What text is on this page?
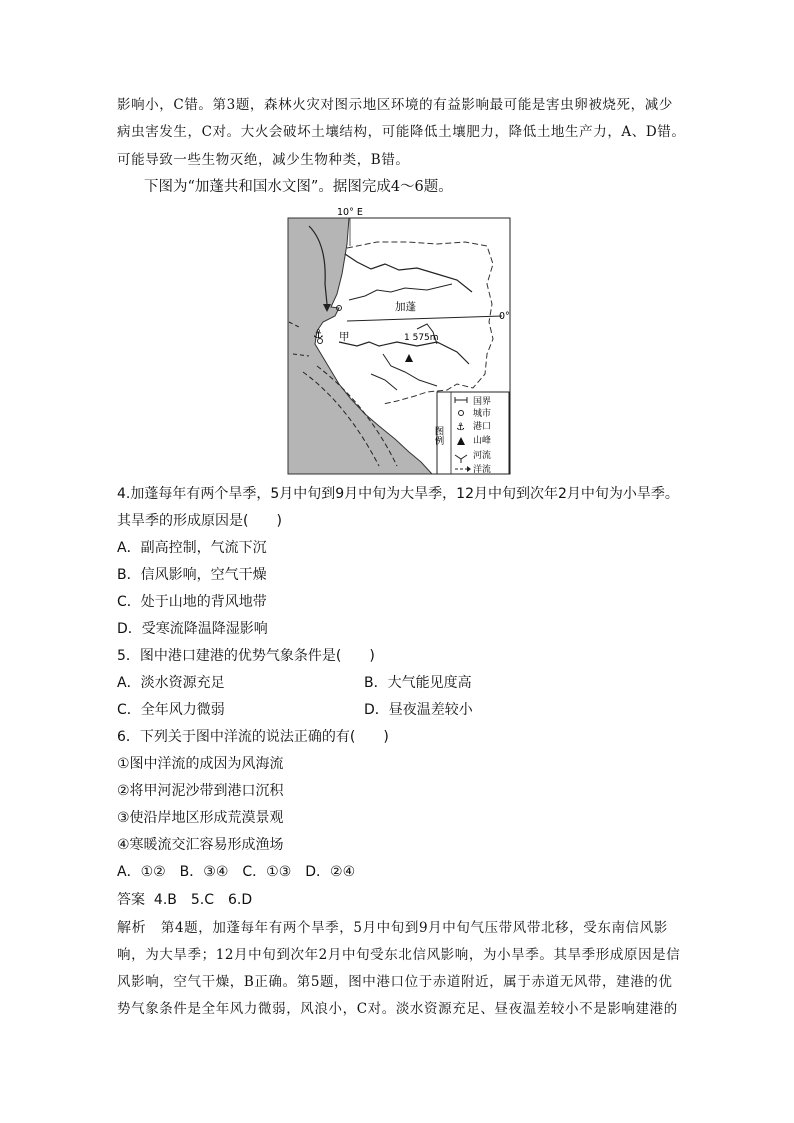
影响小，C错。第3题，森林火灾对图示地区环境的有益影响最可能是害虫卵被烧死，减少
病虫害发生，C对。大火会破坏土壤结构，可能降低土壤肥力，降低土地生产力，A、D错。
可能导致一些生物灭绝，减少生物种类，B错。
下图为“加蓬共和国水文图”。据图完成4～6题。
⚓
⚓
10° E
0°
加蓬
甲	1 575m
图例
国界
城市
港口
山峰
河流
洋流
4.加蓬每年有两个旱季，5月中旬到9月中旬为大旱季，12月中旬到次年2月中旬为小旱季。
其旱季的形成原因是(　　)
A．副高控制，气流下沉
B．信风影响，空气干燥
C．处于山地的背风地带
D．受寒流降温降湿影响
5．图中港口建港的优势气象条件是(　　)
A．淡水资源充足	B．大气能见度高
C．全年风力微弱	D．昼夜温差较小
6．下列关于图中洋流的说法正确的有(　　)
①图中洋流的成因为风海流
②将甲河泥沙带到港口沉积
③使沿岸地区形成荒漠景观
④寒暖流交汇容易形成渔场
A．①②　B．③④　C．①③　D．②④
答案 4.B　5.C　6.D
解析 第4题，加蓬每年有两个旱季，5月中旬到9月中旬气压带风带北移，受东南信风影
响，为大旱季；12月中旬到次年2月中旬受东北信风影响，为小旱季。其旱季形成原因是信
风影响，空气干燥，B正确。第5题，图中港口位于赤道附近，属于赤道无风带，建港的优
势气象条件是全年风力微弱，风浪小，C对。淡水资源充足、昼夜温差较小不是影响建港的
